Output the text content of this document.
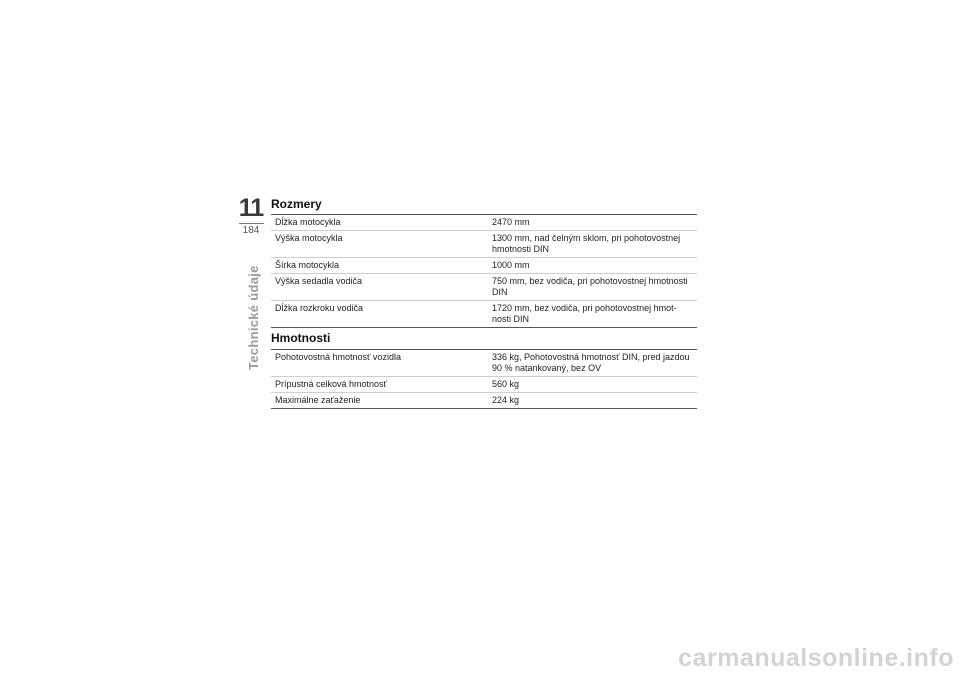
11
184
Technické údaje
Rozmery
Dĺžka motocykla	2470 mm
Výška motocykla	1300 mm, nad čelným sklom, pri pohotovostnej hmotnosti DIN
Šírka motocykla	1000 mm
Výška sedadla vodiča	750 mm, bez vodiča, pri pohotovostnej hmotnosti DIN
Dĺžka rozkroku vodiča	1720 mm, bez vodiča, pri pohotovostnej hmot-nosti DIN
Hmotnosti
Pohotovostná hmotnosť vozidla	336 kg, Pohotovostná hmotnosť DIN, pred jazdou 90 % natankovaný, bez OV
Prípustná celková hmotnosť	560 kg
Maximálne zaťaženie	224 kg
carmanualsonline.info
